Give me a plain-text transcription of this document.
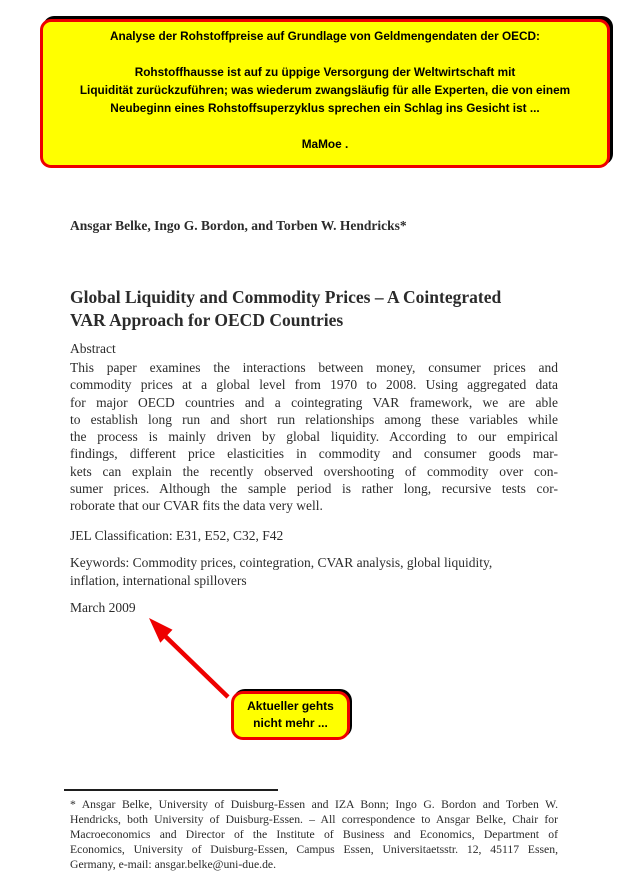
Analyse der Rohstoffpreise auf Grundlage von Geldmengendaten der OECD:
Rohstoffhausse ist auf zu üppige Versorgung der Weltwirtschaft mit
Liquidität zurückzuführen; was wiederum zwangsläufig für alle Experten, die von einem
Neubeginn eines Rohstoffsuperzyklus sprechen ein Schlag ins Gesicht ist ...
MaMoe .
Ansgar Belke, Ingo G. Bordon, and Torben W. Hendricks*
Global Liquidity and Commodity Prices – A Cointegrated
VAR Approach for OECD Countries
Abstract
This paper examines the interactions between money, consumer prices and
commodity prices at a global level from 1970 to 2008. Using aggregated data
for major OECD countries and a cointegrating VAR framework, we are able
to establish long run and short run relationships among these variables while
the process is mainly driven by global liquidity. According to our empirical
findings, different price elasticities in commodity and consumer goods mar-
kets can explain the recently observed overshooting of commodity over con-
sumer prices. Although the sample period is rather long, recursive tests cor-
roborate that our CVAR fits the data very well.
JEL Classification: E31, E52, C32, F42
Keywords: Commodity prices, cointegration, CVAR analysis, global liquidity,
inflation, international spillovers
March 2009
Aktueller gehts
nicht mehr ...
* Ansgar Belke, University of Duisburg-Essen and IZA Bonn; Ingo G. Bordon and Torben W.
Hendricks, both University of Duisburg-Essen. – All correspondence to Ansgar Belke, Chair for
Macroeconomics and Director of the Institute of Business and Economics, Department of
Economics, University of Duisburg-Essen, Campus Essen, Universitaetsstr. 12, 45117 Essen,
Germany, e-mail: ansgar.belke@uni-due.de.
